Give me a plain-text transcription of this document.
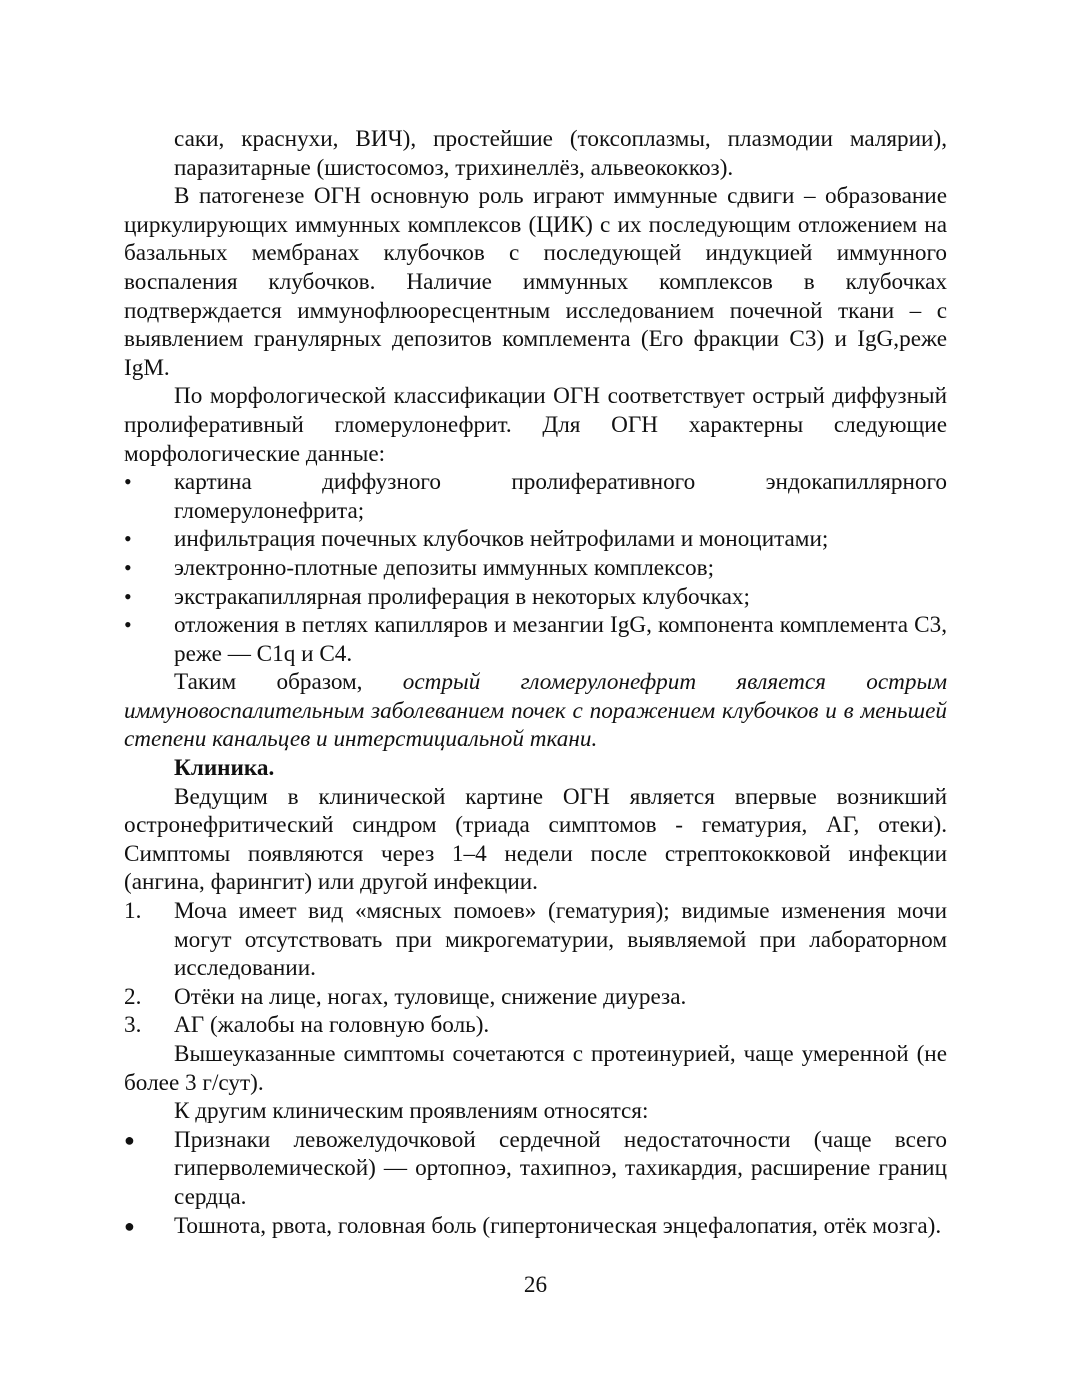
саки, краснухи, ВИЧ), простейшие (токсоплазмы, плазмодии малярии), паразитарные (шистосомоз, трихинеллёз, альвеококкоз).

В патогенезе ОГН основную роль играют иммунные сдвиги – образование циркулирующих иммунных комплексов (ЦИК) с их последующим отложением на базальных мембранах клубочков с последующей индукцией иммунного воспаления клубочков. Наличие иммунных комплексов в клубочках подтверждается иммунофлюоресцентным исследованием почечной ткани – с выявлением гранулярных депозитов комплемента (Его фракции С3) и IgG,реже IgM.

По морфологической классификации ОГН соответствует острый диффузный пролиферативный гломерулонефрит. Для ОГН характерны следующие морфологические данные:

•
картина диффузного пролиферативного эндокапиллярного гломерулонефрита;
•
инфильтрация почечных клубочков нейтрофилами и моноцитами;
•
электронно-плотные депозиты иммунных комплексов;
•
экстракапиллярная пролиферация в некоторых клубочках;
•
отложения в петлях капилляров и мезангии IgG, компонента комплемента С3, реже — С1q и С4.

Таким образом, острый гломерулонефрит является острым иммуновоспалительным заболеванием почек с поражением клубочков и в меньшей степени канальцев и интерстициальной ткани.

Клиника.

Ведущим в клинической картине ОГН является впервые возникший остронефритический синдром (триада симптомов - гематурия, АГ, отеки). Симптомы появляются через 1–4 недели после стрептококковой инфекции (ангина, фарингит) или другой инфекции.

1.	Моча имеет вид «мясных помоев» (гематурия); видимые изменения мочи могут отсутствовать при микрогематурии, выявляемой при лабораторном исследовании.
2.	Отёки на лице, ногах, туловище, снижение диуреза.
3.	АГ (жалобы на головную боль).

Вышеуказанные симптомы сочетаются с протеинурией, чаще умеренной (не более 3 г/сут).

К другим клиническим проявлениям относятся:

●
Признаки левожелудочковой сердечной недостаточности (чаще всего гиперволемической) — ортопноэ, тахипноэ, тахикардия, расширение границ сердца.
●
Тошнота, рвота, головная боль (гипертоническая энцефалопатия, отёк мозга).
26
